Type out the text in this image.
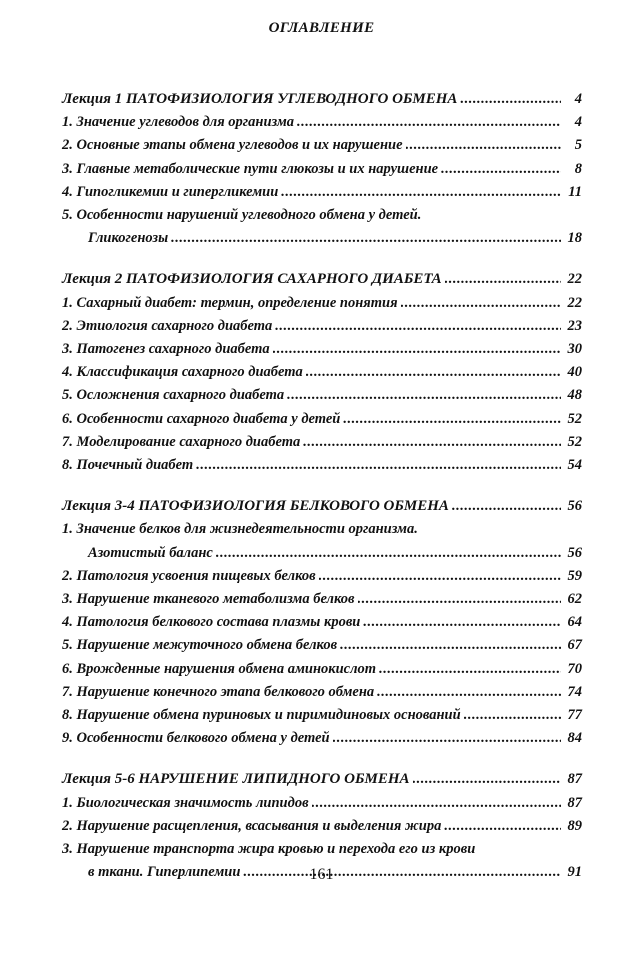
ОГЛАВЛЕНИЕ
Лекция 1 ПАТОФИЗИОЛОГИЯ УГЛЕВОДНОГО ОБМЕНА .....	4
1. Значение углеводов для организма .....	4
2. Основные этапы обмена углеводов и их нарушение .....	5
3. Главные метаболические пути глюкозы и их нарушение .....	8
4. Гипогликемии и гипергликемии .....	11
5. Особенности нарушений углеводного обмена у детей.
Гликогенозы .....	18
Лекция 2 ПАТОФИЗИОЛОГИЯ САХАРНОГО ДИАБЕТА .....	22
1. Сахарный диабет: термин, определение понятия .....	22
2. Этиология сахарного диабета .....	23
3. Патогенез сахарного диабета .....	30
4. Классификация сахарного диабета .....	40
5. Осложнения сахарного диабета .....	48
6. Особенности сахарного диабета у детей .....	52
7. Моделирование сахарного диабета .....	52
8. Почечный диабет .....	54
Лекция 3-4 ПАТОФИЗИОЛОГИЯ БЕЛКОВОГО ОБМЕНА .....	56
1. Значение белков для жизнедеятельности организма.
Азотистый баланс .....	56
2. Патология усвоения пищевых белков .....	59
3. Нарушение тканевого метаболизма белков .....	62
4. Патология белкового состава плазмы крови .....	64
5. Нарушение межуточного обмена белков .....	67
6. Врожденные нарушения обмена аминокислот .....	70
7. Нарушение конечного этапа белкового обмена .....	74
8. Нарушение обмена пуриновых и пиримидиновых оснований .....	77
9. Особенности белкового обмена у детей .....	84
Лекция 5-6 НАРУШЕНИЕ ЛИПИДНОГО ОБМЕНА .....	87
1. Биологическая значимость липидов .....	87
2. Нарушение расщепления, всасывания и выделения жира .....	89
3. Нарушение транспорта жира кровью и перехода его из крови
в ткани. Гиперлипемии .....	91
161
